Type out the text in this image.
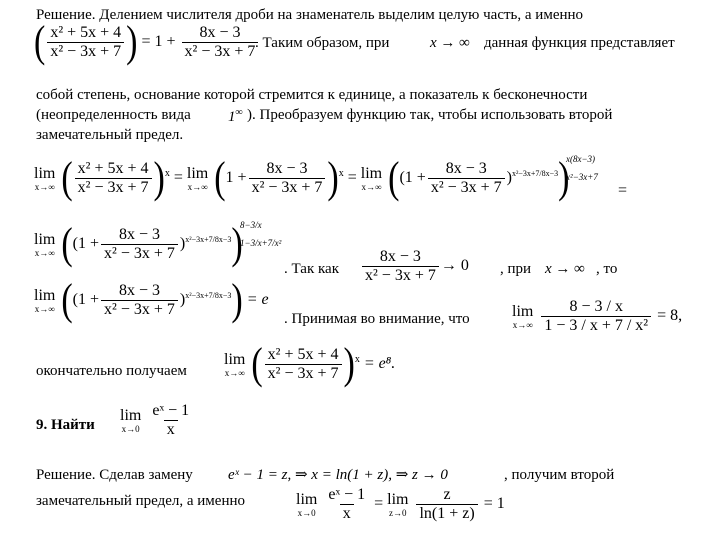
Решение. Делением числителя дроби на знаменатель выделим целую часть, а именно
( $\frac{\text{x² + 5x + 4}}{\text{x² − 3x + 7}}$ ) = $1 + \frac{8x - 3}{\text{x² − 3x + 7}}$
. Таким образом, при	x → ∞ данная функция представляет
собой степень, основание которой стремится к единице, а показатель к бесконечности
(неопределенность вида 1∞ ). Преобразуем функцию так, чтобы использовать второй
замечательный предел.
lim
x→∞ ( $\frac{\text{x² + 5x + 4}}{\text{x² − 3x + 7}} )^x = \lim$
x→∞ $(1 + \frac{8x - 3}{\text{x² − 3x + 7}} )^x = \lim$
x→∞ $((1 + \frac{8x - 3}{\text{x² − 3x + 7}} )^{x^2-3x+7/8x-3})$
x(8x−3)
x²−3x+7
=
lim
x→∞ $((1 + \frac{8x - 3}{\text{x² − 3x + 7}} )^{x^2-3x+7/8x-3})$
8−3/x
1−3/x+7/x²
. Так как $\frac{8x - 3}{\text{x² − 3x + 7}} \to 0$ , при x → ∞ , то
lim
x→∞ $((1 + \frac{8x - 3}{\text{x² − 3x + 7}} )^{x^2-3x+7/8x-3}) = e$
. Принимая во внимание, что	lim
x→∞
$\frac{8 - 3 / x}{\text{1 − 3 / x + 7 / x²}} = 8$,
окончательно получаем
lim
x→∞ ( $\frac{\text{x² + 5x + 4}}{\text{x² − 3x + 7}} )^x = e^8$.
9. Найти
lim
x→0
$\frac{\text{eˣ − 1}}{x}$
Решение. Сделав замену eˣ − 1 = z, ⇒ x = ln(1 + z), ⇒ z → 0	, получим второй
замечательный предел, а именно	lim
x→0
$\frac{\text{eˣ − 1}}{x} = \lim$
z→0
$\frac{z}{\ln(1 + z)} = 1$
